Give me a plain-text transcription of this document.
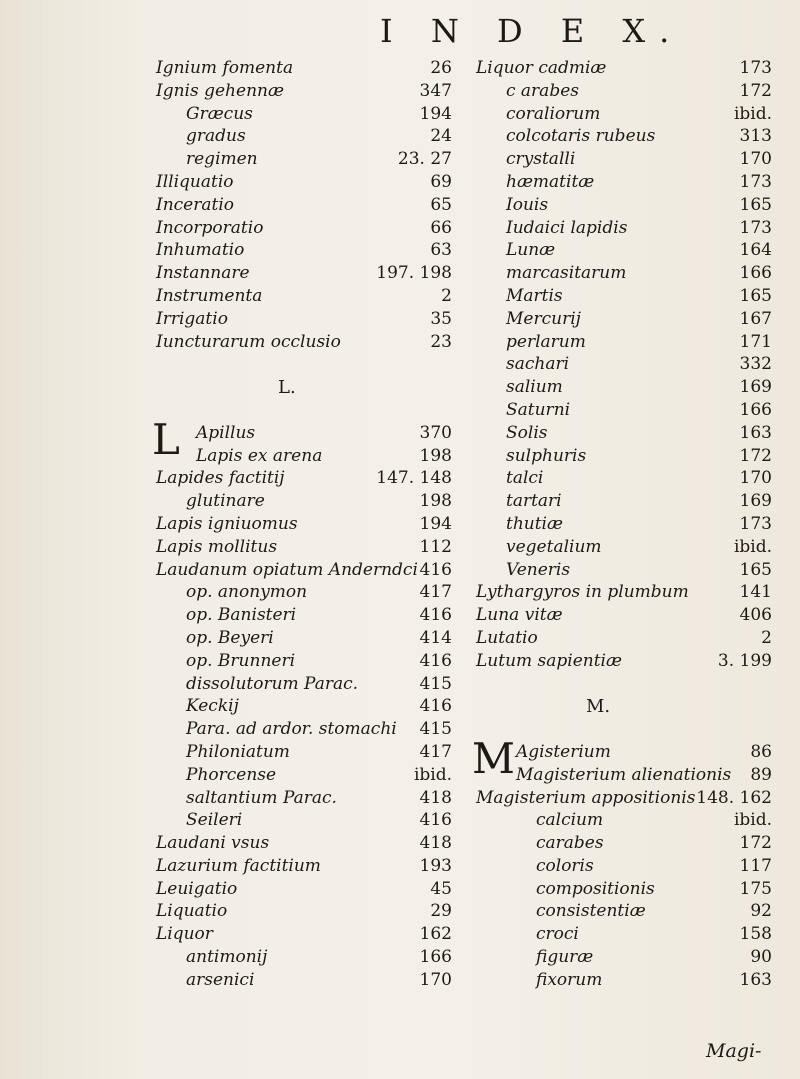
I N D E X.
Ignium fomenta	26
Ignis gehennæ	347
Græcus	194
gradus	24
regimen	23. 27
Illiquatio	69
Inceratio	65
Incorporatio	66
Inhumatio	63
Instannare	197. 198
Instrumenta	2
Irrigatio	35
Iuncturarum occlusio	23
L.
L Apillus	370
Lapis ex arena	198
Lapides factitij	147. 148
glutinare	198
Lapis igniuomus	194
Lapis mollitus	112
Laudanum opiatum Anderndci 416
op. anonymon	417
op. Banisteri	416
op. Beyeri	414
op. Brunneri	416
dissolutorum Parac.	415
Keckij	416
Para. ad ardor. stomachi 415
Philoniatum	417
Phorcense	ibid.
saltantium Parac.	418
Seileri	416
Laudani vsus	418
Lazurium factitium	193
Leuigatio	45
Liquatio	29
Liquor	162
antimonij	166
arsenici	170
Liquor cadmiæ	173
c arabes	172
coraliorum	ibid.
colcotaris rubeus	313
crystalli	170
hæmatitæ	173
Iouis	165
Iudaici lapidis	173
Lunæ	164
marcasitarum	166
Martis	165
Mercurij	167
perlarum	171
sachari	332
salium	169
Saturni	166
Solis	163
sulphuris	172
talci	170
tartari	169
thutiæ	173
vegetalium	ibid.
Veneris	165
Lythargyros in plumbum	141
Luna vitæ	406
Lutatio	2
Lutum sapientiæ	3. 199
M.
M Agisterium	86
Magisterium alienationis 89
Magisterium appositionis 148. 162
calcium	ibid.
carabes	172
coloris	117
compositionis	175
consistentiæ	92
croci	158
figuræ	90
fixorum	163
Magi-
